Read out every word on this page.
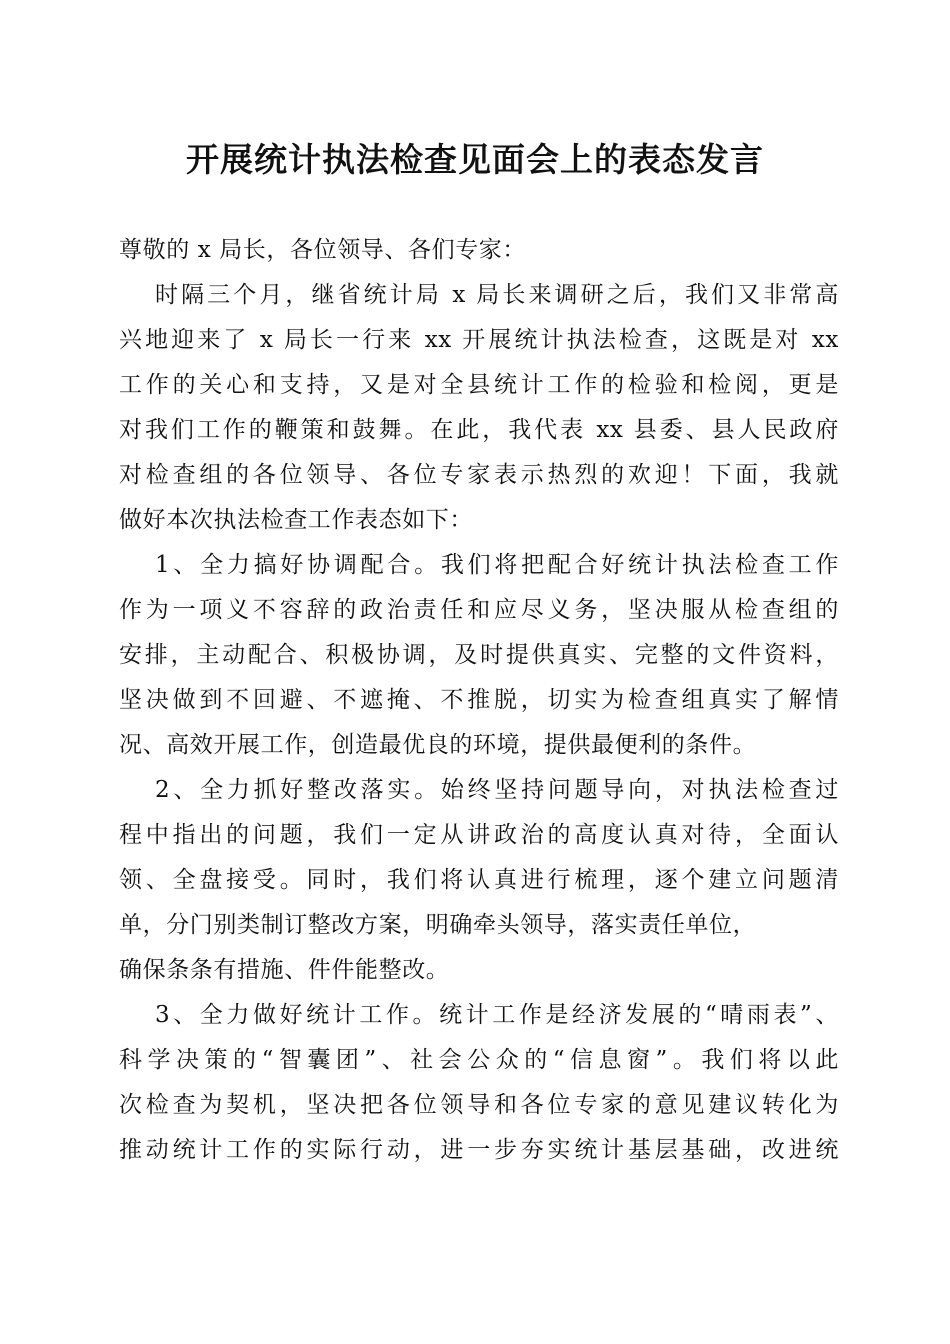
开展统计执法检查见面会上的表态发言
尊敬的 x 局长，各位领导、各们专家：
时隔三个月，继省统计局 x 局长来调研之后，我们又非常高
兴地迎来了 x 局长一行来 xx 开展统计执法检查，这既是对 xx
工作的关心和支持，又是对全县统计工作的检验和检阅，更是
对我们工作的鞭策和鼓舞。在此，我代表 xx 县委、县人民政府
对检查组的各位领导、各位专家表示热烈的欢迎！下面，我就
做好本次执法检查工作表态如下：
1、全力搞好协调配合。我们将把配合好统计执法检查工作
作为一项义不容辞的政治责任和应尽义务，坚决服从检查组的
安排，主动配合、积极协调，及时提供真实、完整的文件资料，
坚决做到不回避、不遮掩、不推脱，切实为检查组真实了解情
况、高效开展工作，创造最优良的环境，提供最便利的条件。
2、全力抓好整改落实。始终坚持问题导向，对执法检查过
程中指出的问题，我们一定从讲政治的高度认真对待，全面认
领、全盘接受。同时，我们将认真进行梳理，逐个建立问题清
单，分门别类制订整改方案，明确牵头领导，落实责任单位，
确保条条有措施、件件能整改。
3、全力做好统计工作。统计工作是经济发展的“晴雨表”、
科学决策的“智囊团”、社会公众的“信息窗”。我们将以此
次检查为契机，坚决把各位领导和各位专家的意见建议转化为
推动统计工作的实际行动，进一步夯实统计基层基础，改进统
